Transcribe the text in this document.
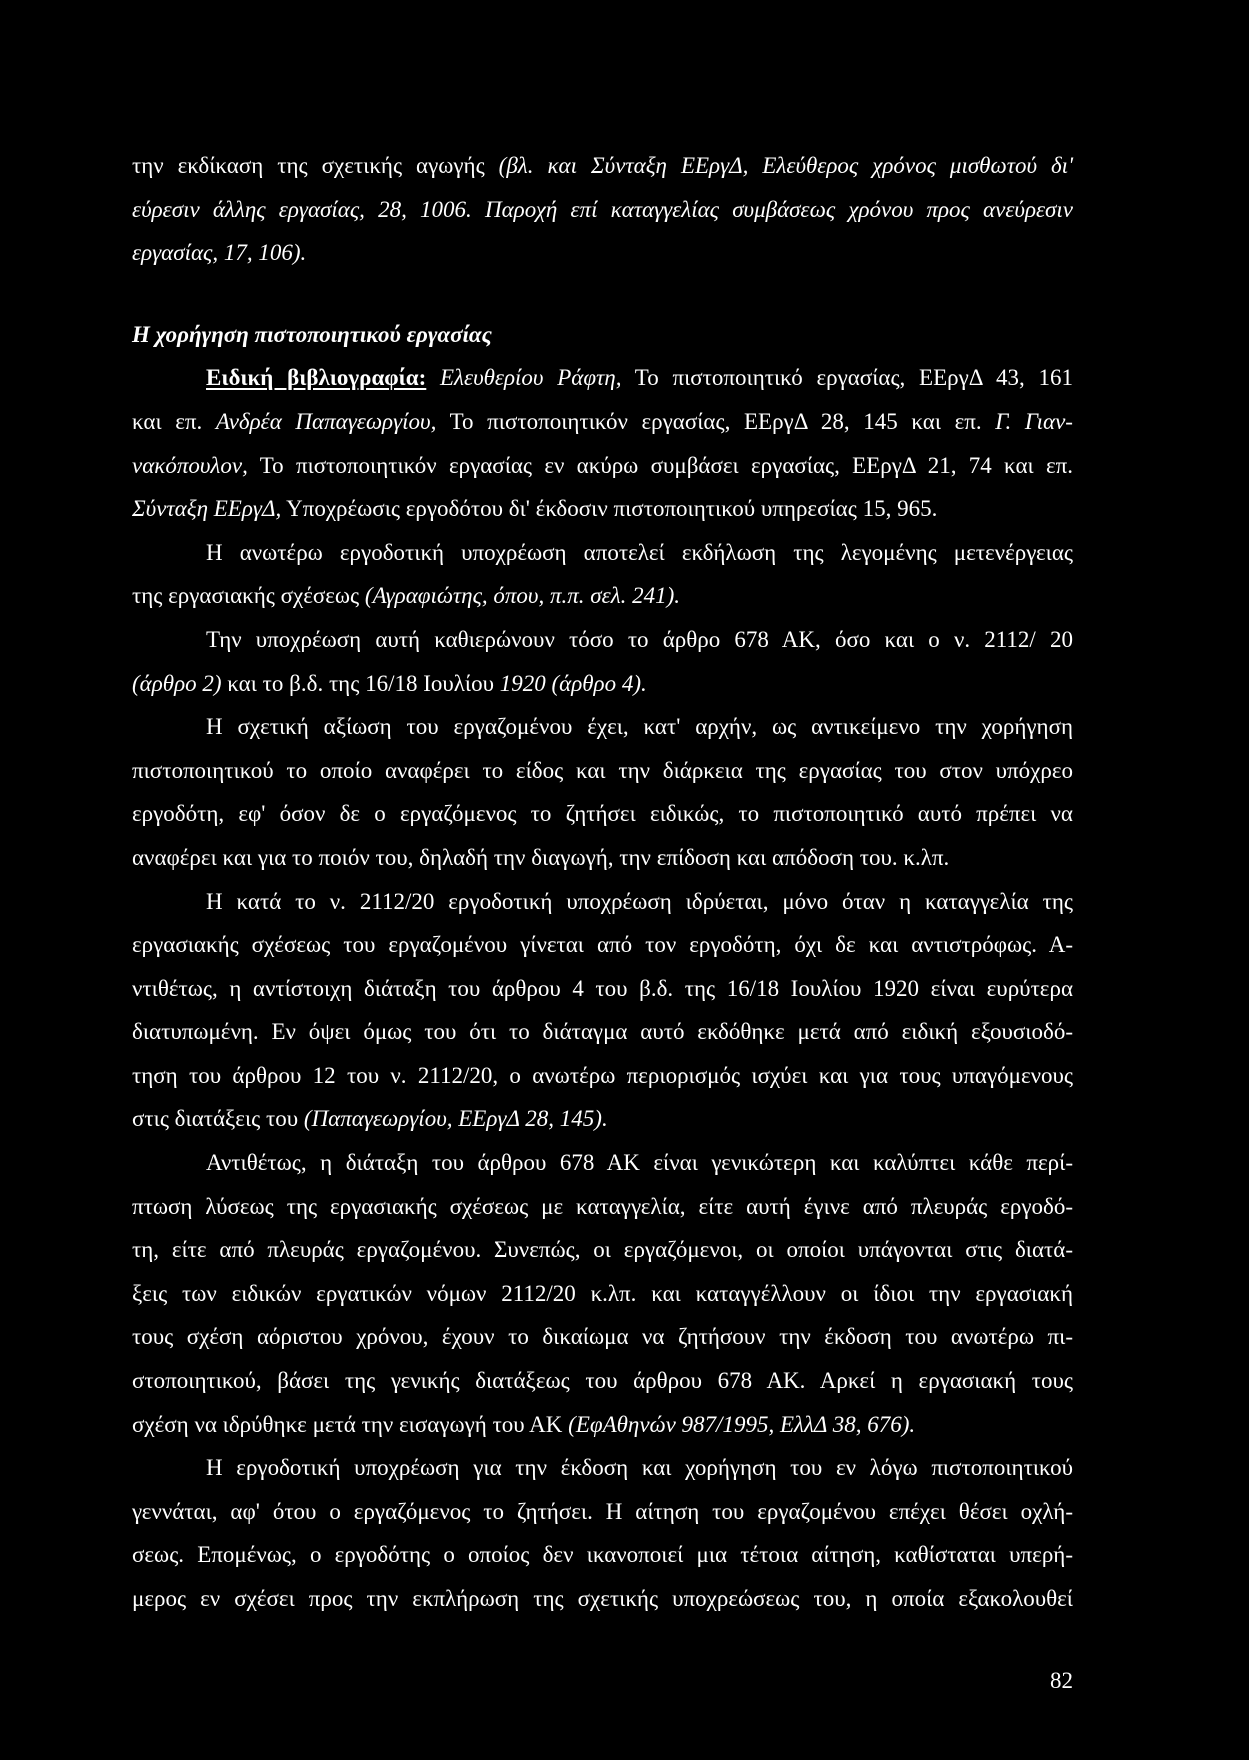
την εκδίκαση της σχετικής αγωγής (βλ. και Σύνταξη ΕΕργΔ, Ελεύθερος χρόνος μισθωτού δι'
εύρεσιν άλλης εργασίας, 28, 1006. Παροχή επί καταγγελίας συμβάσεως χρόνου προς ανεύρεσιν
εργασίας, 17, 106).
Η χορήγηση πιστοποιητικού εργασίας
Ειδική βιβλιογραφία: Ελευθερίου Ράφτη, Το πιστοποιητικό εργασίας, ΕΕργΔ 43, 161
και επ. Ανδρέα Παπαγεωργίου, Το πιστοποιητικόν εργασίας, ΕΕργΔ 28, 145 και επ. Γ. Γιαν-
νακόπουλον, Το πιστοποιητικόν εργασίας εν ακύρω συμβάσει εργασίας, ΕΕργΔ 21, 74 και επ.
Σύνταξη ΕΕργΔ, Υποχρέωσις εργοδότου δι' έκδοσιν πιστοποιητικού υπηρεσίας 15, 965.
Η ανωτέρω εργοδοτική υποχρέωση αποτελεί εκδήλωση της λεγομένης μετενέργειας
της εργασιακής σχέσεως (Αγραφιώτης, όπου, π.π. σελ. 241).
Την υποχρέωση αυτή καθιερώνουν τόσο το άρθρο 678 ΑΚ, όσο και ο ν. 2112/ 20
(άρθρο 2) και το β.δ. της 16/18 Ιουλίου 1920 (άρθρο 4).
Η σχετική αξίωση του εργαζομένου έχει, κατ' αρχήν, ως αντικείμενο την χορήγηση
πιστοποιητικού το οποίο αναφέρει το είδος και την διάρκεια της εργασίας του στον υπόχρεο
εργοδότη, εφ' όσον δε ο εργαζόμενος το ζητήσει ειδικώς, το πιστοποιητικό αυτό πρέπει να
αναφέρει και για το ποιόν του, δηλαδή την διαγωγή, την επίδοση και απόδοση του. κ.λπ.
Η κατά το ν. 2112/20 εργοδοτική υποχρέωση ιδρύεται, μόνο όταν η καταγγελία της
εργασιακής σχέσεως του εργαζομένου γίνεται από τον εργοδότη, όχι δε και αντιστρόφως. Α-
ντιθέτως, η αντίστοιχη διάταξη του άρθρου 4 του β.δ. της 16/18 Ιουλίου 1920 είναι ευρύτερα
διατυπωμένη. Εν όψει όμως του ότι το διάταγμα αυτό εκδόθηκε μετά από ειδική εξουσιοδό-
τηση του άρθρου 12 του ν. 2112/20, ο ανωτέρω περιορισμός ισχύει και για τους υπαγόμενους
στις διατάξεις του (Παπαγεωργίου, ΕΕργΔ 28, 145).
Αντιθέτως, η διάταξη του άρθρου 678 ΑΚ είναι γενικώτερη και καλύπτει κάθε περί-
πτωση λύσεως της εργασιακής σχέσεως με καταγγελία, είτε αυτή έγινε από πλευράς εργοδό-
τη, είτε από πλευράς εργαζομένου. Συνεπώς, οι εργαζόμενοι, οι οποίοι υπάγονται στις διατά-
ξεις των ειδικών εργατικών νόμων 2112/20 κ.λπ. και καταγγέλλουν οι ίδιοι την εργασιακή
τους σχέση αόριστου χρόνου, έχουν το δικαίωμα να ζητήσουν την έκδοση του ανωτέρω πι-
στοποιητικού, βάσει της γενικής διατάξεως του άρθρου 678 ΑΚ. Αρκεί η εργασιακή τους
σχέση να ιδρύθηκε μετά την εισαγωγή του ΑΚ (ΕφΑθηνών 987/1995, ΕλλΔ 38, 676).
Η εργοδοτική υποχρέωση για την έκδοση και χορήγηση του εν λόγω πιστοποιητικού
γεννάται, αφ' ότου ο εργαζόμενος το ζητήσει. Η αίτηση του εργαζομένου επέχει θέσει οχλή-
σεως. Επομένως, ο εργοδότης ο οποίος δεν ικανοποιεί μια τέτοια αίτηση, καθίσταται υπερή-
μερος εν σχέσει προς την εκπλήρωση της σχετικής υποχρεώσεως του, η οποία εξακολουθεί
82
